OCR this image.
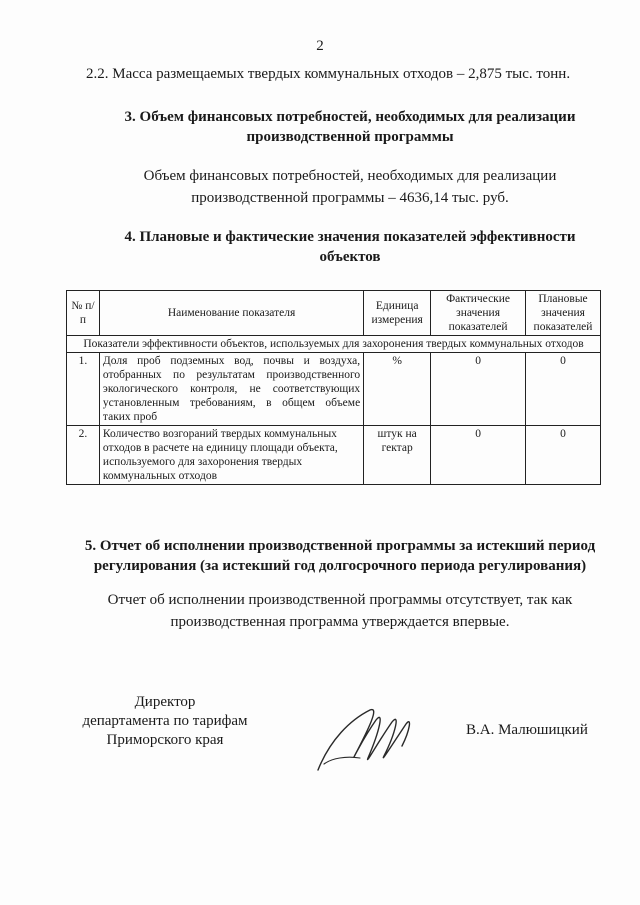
2
2.2. Масса размещаемых твердых коммунальных отходов – 2,875 тыс. тонн.
3. Объем финансовых потребностей, необходимых для реализации производственной программы
Объем финансовых потребностей, необходимых для реализации производственной программы – 4636,14 тыс. руб.
4. Плановые и фактические значения показателей эффективности объектов
№ п/п	Наименование показателя	Единица измерения	Фактические значения показателей	Плановые значения показателей
Показатели эффективности объектов, используемых для захоронения твердых коммунальных отходов				
1.	Доля проб подземных вод, почвы и воздуха, отобранных по результатам производственного экологического контроля, не соответствующих установленным требованиям, в общем объеме таких проб	%	0	0
2.	Количество возгораний твердых коммунальных отходов в расчете на единицу площади объекта, используемого для захоронения твердых коммунальных отходов	штук на гектар	0	0
5. Отчет об исполнении производственной программы за истекший период регулирования (за истекший год долгосрочного периода регулирования)
Отчет об исполнении производственной программы отсутствует, так как производственная программа утверждается впервые.
Директор
департамента по тарифам
Приморского края
В.А. Малюшицкий
